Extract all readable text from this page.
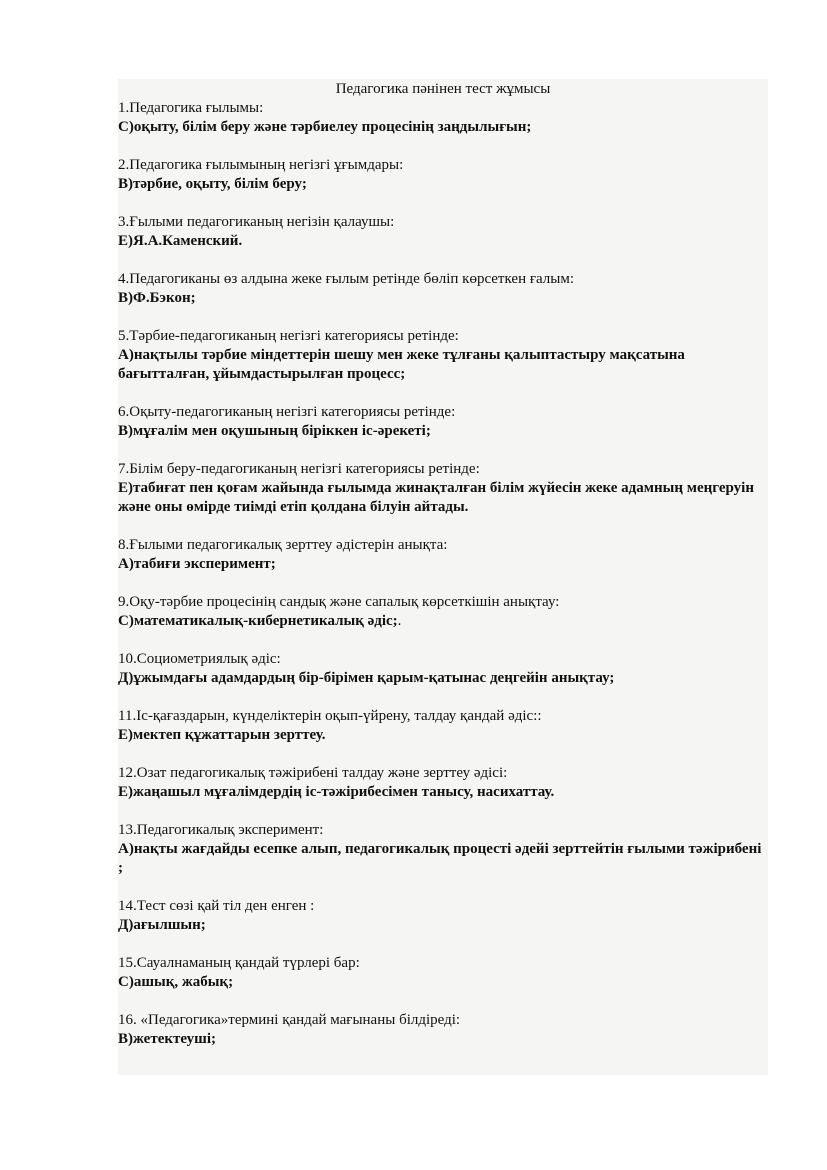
Педагогика пәнінен тест жұмысы

1.Педагогика ғылымы:
C)оқыту, білім беру және тәрбиелеу процесінің заңдылығын;
2.Педагогика ғылымының негізгі ұғымдары:
B)тәрбие, оқыту, білім беру;
3.Ғылыми педагогиканың негізін қалаушы:
E)Я.А.Каменский.
4.Педагогиканы өз алдына жеке ғылым ретінде бөліп көрсеткен ғалым:
B)Ф.Бэкон;
5.Тәрбие-педагогиканың негізгі категориясы ретінде:
A)нақтылы тәрбие міндеттерін шешу мен жеке тұлғаны қалыптастыру мақсатына бағытталған, ұйымдастырылған процесс;
6.Оқыту-педагогиканың негізгі категориясы ретінде:
B)мұғалім мен оқушының біріккен іс-әрекеті;
7.Білім беру-педагогиканың негізгі категориясы ретінде:
E)табиғат пен қоғам жайында ғылымда жинақталған білім жүйесін жеке адамның меңгеруін және оны өмірде тиімді етіп қолдана білуін айтады.
8.Ғылыми педагогикалық зерттеу әдістерін анықта:
A)табиғи эксперимент;
9.Оқу-тәрбие процесінің сандық және сапалық көрсеткішін анықтау:
C)математикалық-кибернетикалық әдіс;.
10.Социометриялық әдіс:
Д)ұжымдағы адамдардың бір-бірімен қарым-қатынас деңгейін анықтау;
11.Іс-қағаздарын, күнделіктерін оқып-үйрену, талдау қандай әдіс::
E)мектеп құжаттарын зерттеу.
12.Озат педагогикалық тәжірибені талдау және зерттеу әдісі:
E)жаңашыл мұғалімдердің іс-тәжірибесімен танысу, насихаттау.
13.Педагогикалық эксперимент:
A)нақты жағдайды есепке алып, педагогикалық процесті әдейі зерттейтін ғылыми тәжірибені ;
14.Тест сөзі қай тіл ден енген :
Д)ағылшын;
15.Сауалнаманың қандай түрлері бар:
C)ашық, жабық;
16. «Педагогика»термині қандай мағынаны білдіреді:
B)жетектеуші;
